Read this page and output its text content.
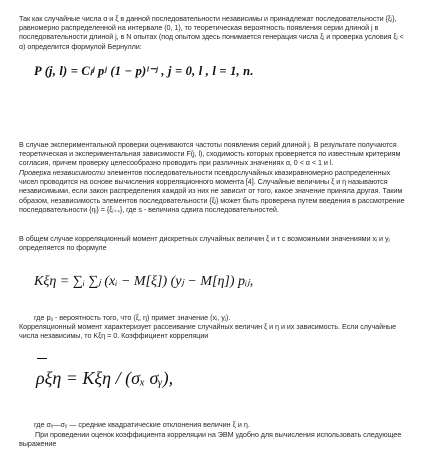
Так как случайные числа α и ξ в данной последовательности независимы и принадлежат последовательности {ξᵢ}, равномерно распределенной на интервале (0, 1), то теоретическая вероятность появления серии длиной j в последовательности длиной j, в N опытах (под опытом здесь понимается генерация числа ξᵢ и проверка условия ξᵢ < α) определится формулой Бернулли:
P (j, l) = Cₗʲ pʲ (1 − p)ˡ⁻ʲ , j = 0, l , l = 1, n.
В случае экспериментальной проверки оцениваются частоты появления серий длиной j. В результате получаются теоретическая и экспериментальная зависимости F(j, l), сходимость которых проверяется по известным критериям согласия, причем проверку целесообразно проводить при различных значениях α, 0 < α < 1 и l.
Проверка независимости элементов последовательности псевдослучайных квазиравномерно распределенных чисел проводится на основе вычисления корреляционного момента [4]. Случайные величины ξ и η называются независимыми, если закон распределения каждой из них не зависит от того, какое значение приняла другая. Таким образом, независимость элементов последовательности {ξᵢ} может быть проверена путем введения в рассмотрение последовательности {ηᵢ} = {ξᵢ₊ₛ}, где s - величина сдвига последовательностей.
В общем случае корреляционный момент дискретных случайных величин ξ и τ с возможными значениями xᵢ и yⱼ определяется по формуле
Kξη = ∑ᵢ ∑ⱼ (xᵢ − M[ξ]) (yⱼ − M[η]) pᵢⱼ,
где pᵢⱼ - вероятность того, что (ξ, η) примет значение (xᵢ, yⱼ).
Корреляционный момент характеризует рассеивание случайных величин ξ и η и их зависимость. Если случайные числа независимы, то Kξη = 0. Коэффициент корреляции
ρξη = Kξη / (σₓ σᵧ),
где σₓ—σᵧ — средние квадратические отклонения величин ξ и η.
При проведении оценок коэффициента корреляции на ЭВМ удобно для вычисления использовать следующее выражение
